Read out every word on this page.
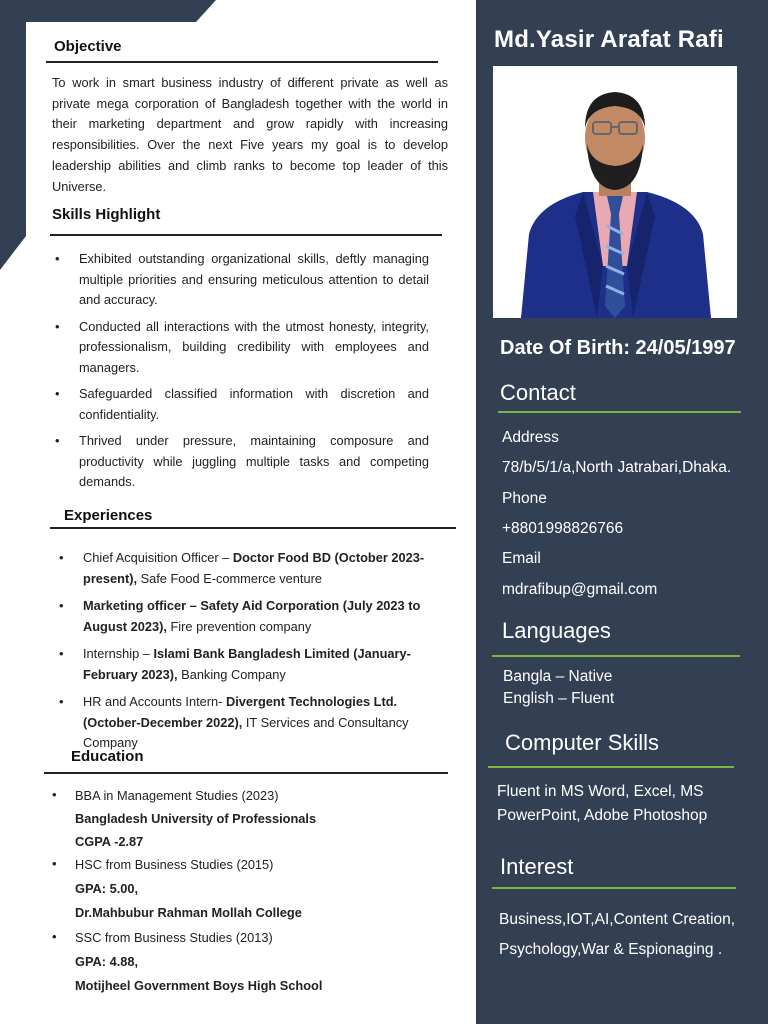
Objective
To work in smart business industry of different private as well as private mega corporation of Bangladesh together with the world in their marketing department and grow rapidly with increasing responsibilities. Over the next Five years my goal is to develop leadership abilities and climb ranks to become top leader of this Universe.
Skills Highlight
• Exhibited outstanding organizational skills, deftly managing multiple priorities and ensuring meticulous attention to detail and accuracy.
• Conducted all interactions with the utmost honesty, integrity, professionalism, building credibility with employees and managers.
• Safeguarded classified information with discretion and confidentiality.
• Thrived under pressure, maintaining composure and productivity while juggling multiple tasks and competing demands.
Experiences
• Chief Acquisition Officer – Doctor Food BD (October 2023-present), Safe Food E-commerce venture
• Marketing officer – Safety Aid Corporation (July 2023 to August 2023), Fire prevention company
• Internship – Islami Bank Bangladesh Limited (January-February 2023), Banking Company
• HR and Accounts Intern- Divergent Technologies Ltd. (October-December 2022), IT Services and Consultancy Company
Education
• BBA in Management Studies (2023)
Bangladesh University of Professionals
CGPA -2.87
• HSC from Business Studies (2015)
GPA: 5.00,
Dr.Mahbubur Rahman Mollah College
• SSC from Business Studies (2013)
GPA: 4.88,
Motijheel Government Boys High School
Md.Yasir Arafat Rafi
Date Of Birth: 24/05/1997
Contact
Address
78/b/5/1/a,North Jatrabari,Dhaka.
Phone
+8801998826766
Email
mdrafibup@gmail.com
Languages
Bangla – Native
English – Fluent
Computer Skills
Fluent in MS Word, Excel, MS
PowerPoint, Adobe Photoshop
Interest
Business,IOT,AI,Content Creation,
Psychology,War & Espionaging .
